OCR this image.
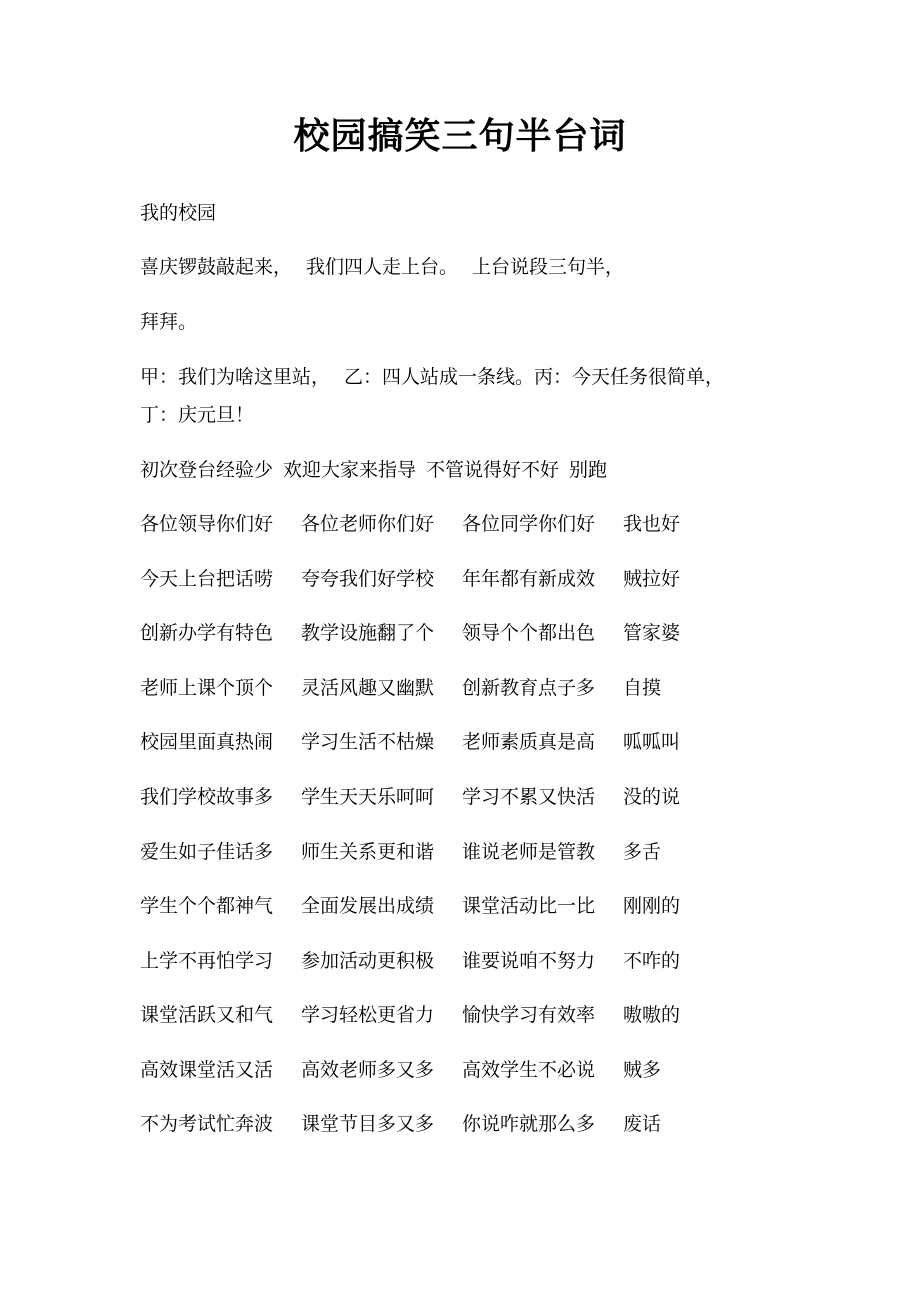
校园搞笑三句半台词
我的校园
喜庆锣鼓敲起来， 我们四人走上台。 上台说段三句半，
拜拜。
甲：我们为啥这里站， 乙：四人站成一条线。丙：今天任务很简单，
丁：庆元旦！
初次登台经验少 欢迎大家来指导 不管说得好不好 别跑
各位领导你们好 各位老师你们好 各位同学你们好 我也好
今天上台把话唠 夸夸我们好学校 年年都有新成效 贼拉好
创新办学有特色 教学设施翻了个 领导个个都出色 管家婆
老师上课个顶个 灵活风趣又幽默 创新教育点子多 自摸
校园里面真热闹 学习生活不枯燥 老师素质真是高 呱呱叫
我们学校故事多 学生天天乐呵呵 学习不累又快活 没的说
爱生如子佳话多 师生关系更和谐 谁说老师是管教 多舌
学生个个都神气 全面发展出成绩 课堂活动比一比 刚刚的
上学不再怕学习 参加活动更积极 谁要说咱不努力 不咋的
课堂活跃又和气 学习轻松更省力 愉快学习有效率 嗷嗷的
高效课堂活又活 高效老师多又多 高效学生不必说 贼多
不为考试忙奔波 课堂节目多又多 你说咋就那么多 废话
